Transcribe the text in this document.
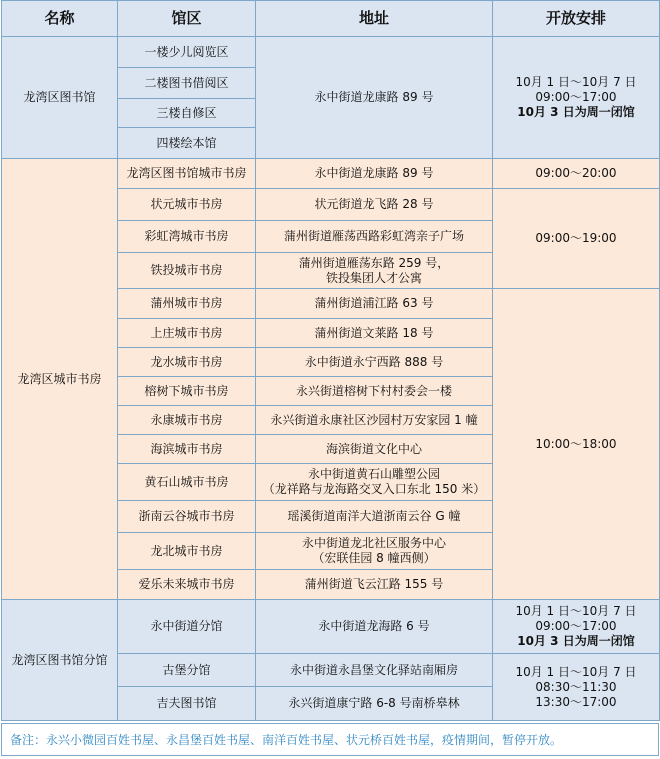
名称	馆区	地址	开放安排
龙湾区图书馆	一楼少儿阅览区	永中街道龙康路 89 号	10月 1 日～10月 7 日
09:00～17:00
10月 3 日为周一闭馆

	二楼图书借阅区		
	三楼自修区		
	四楼绘本馆		
龙湾区城市书房	龙湾区图书馆城市书房	永中街道龙康路 89 号	09:00～20:00
	状元城市书房	状元街道龙飞路 28 号	09:00～19:00
	彩虹湾城市书房	蒲州街道雁荡西路彩虹湾亲子广场	
	铁投城市书房	蒲州街道雁荡东路 259 号，
铁投集团人才公寓	

	蒲州城市书房	蒲州街道浦江路 63 号	10:00～18:00
	上庄城市书房	蒲州街道文莱路 18 号	
	龙水城市书房	永中街道永宁西路 888 号	
	榕树下城市书房	永兴街道榕树下村村委会一楼	
	永康城市书房	永兴街道永康社区沙园村万安家园 1 幢	
	海滨城市书房	海滨街道文化中心	
	黄石山城市书房	永中街道黄石山雕塑公园
（龙祥路与龙海路交叉入口东北 150 米）	

	浙南云谷城市书房	瑶溪街道南洋大道浙南云谷 G 幢	
	龙北城市书房	永中街道龙北社区服务中心
（宏联佳园 8 幢西侧）	

	爱乐未来城市书房	蒲州街道飞云江路 155 号	
龙湾区图书馆分馆	永中街道分馆	永中街道龙海路 6 号	10月 1 日～10月 7 日
09:00～17:00
10月 3 日为周一闭馆

	古堡分馆	永中街道永昌堡文化驿站南厢房	10月 1 日～10月 7 日
08:30～11:30
13:30～17:00

	吉夫图书馆	永兴街道康宁路 6-8 号南桥皋林	
备注：永兴小微园百姓书屋、永昌堡百姓书屋、南洋百姓书屋、状元桥百姓书屋，疫情期间，暂停开放。
